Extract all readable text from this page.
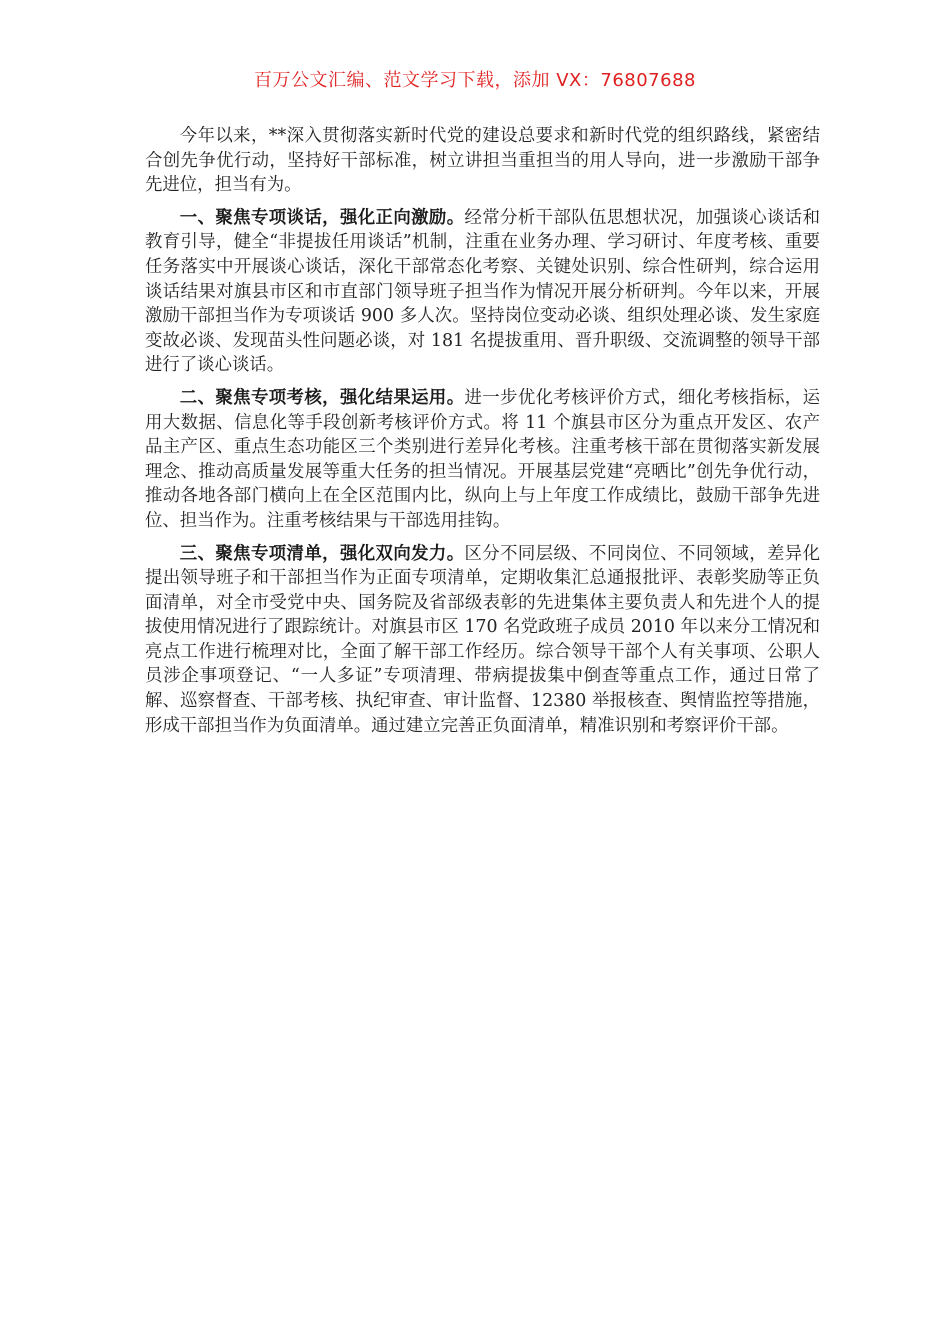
百万公文汇编、范文学习下载，添加 VX：76807688

今年以来，**深入贯彻落实新时代党的建设总要求和新时代党的组织路线，紧密结合创先争优行动，坚持好干部标准，树立讲担当重担当的用人导向，进一步激励干部争先进位，担当有为。

一、聚焦专项谈话，强化正向激励。经常分析干部队伍思想状况，加强谈心谈话和教育引导，健全“非提拔任用谈话”机制，注重在业务办理、学习研讨、年度考核、重要任务落实中开展谈心谈话，深化干部常态化考察、关键处识别、综合性研判，综合运用谈话结果对旗县市区和市直部门领导班子担当作为情况开展分析研判。今年以来，开展激励干部担当作为专项谈话 900 多人次。坚持岗位变动必谈、组织处理必谈、发生家庭变故必谈、发现苗头性问题必谈，对 181 名提拔重用、晋升职级、交流调整的领导干部进行了谈心谈话。

二、聚焦专项考核，强化结果运用。进一步优化考核评价方式，细化考核指标，运用大数据、信息化等手段创新考核评价方式。将 11 个旗县市区分为重点开发区、农产品主产区、重点生态功能区三个类别进行差异化考核。注重考核干部在贯彻落实新发展理念、推动高质量发展等重大任务的担当情况。开展基层党建“亮晒比”创先争优行动，推动各地各部门横向上在全区范围内比，纵向上与上年度工作成绩比，鼓励干部争先进位、担当作为。注重考核结果与干部选用挂钩。

三、聚焦专项清单，强化双向发力。区分不同层级、不同岗位、不同领域，差异化提出领导班子和干部担当作为正面专项清单，定期收集汇总通报批评、表彰奖励等正负面清单，对全市受党中央、国务院及省部级表彰的先进集体主要负责人和先进个人的提拔使用情况进行了跟踪统计。对旗县市区 170 名党政班子成员 2010 年以来分工情况和亮点工作进行梳理对比，全面了解干部工作经历。综合领导干部个人有关事项、公职人员涉企事项登记、“一人多证”专项清理、带病提拔集中倒查等重点工作，通过日常了解、巡察督查、干部考核、执纪审查、审计监督、12380 举报核查、舆情监控等措施，形成干部担当作为负面清单。通过建立完善正负面清单，精准识别和考察评价干部。
